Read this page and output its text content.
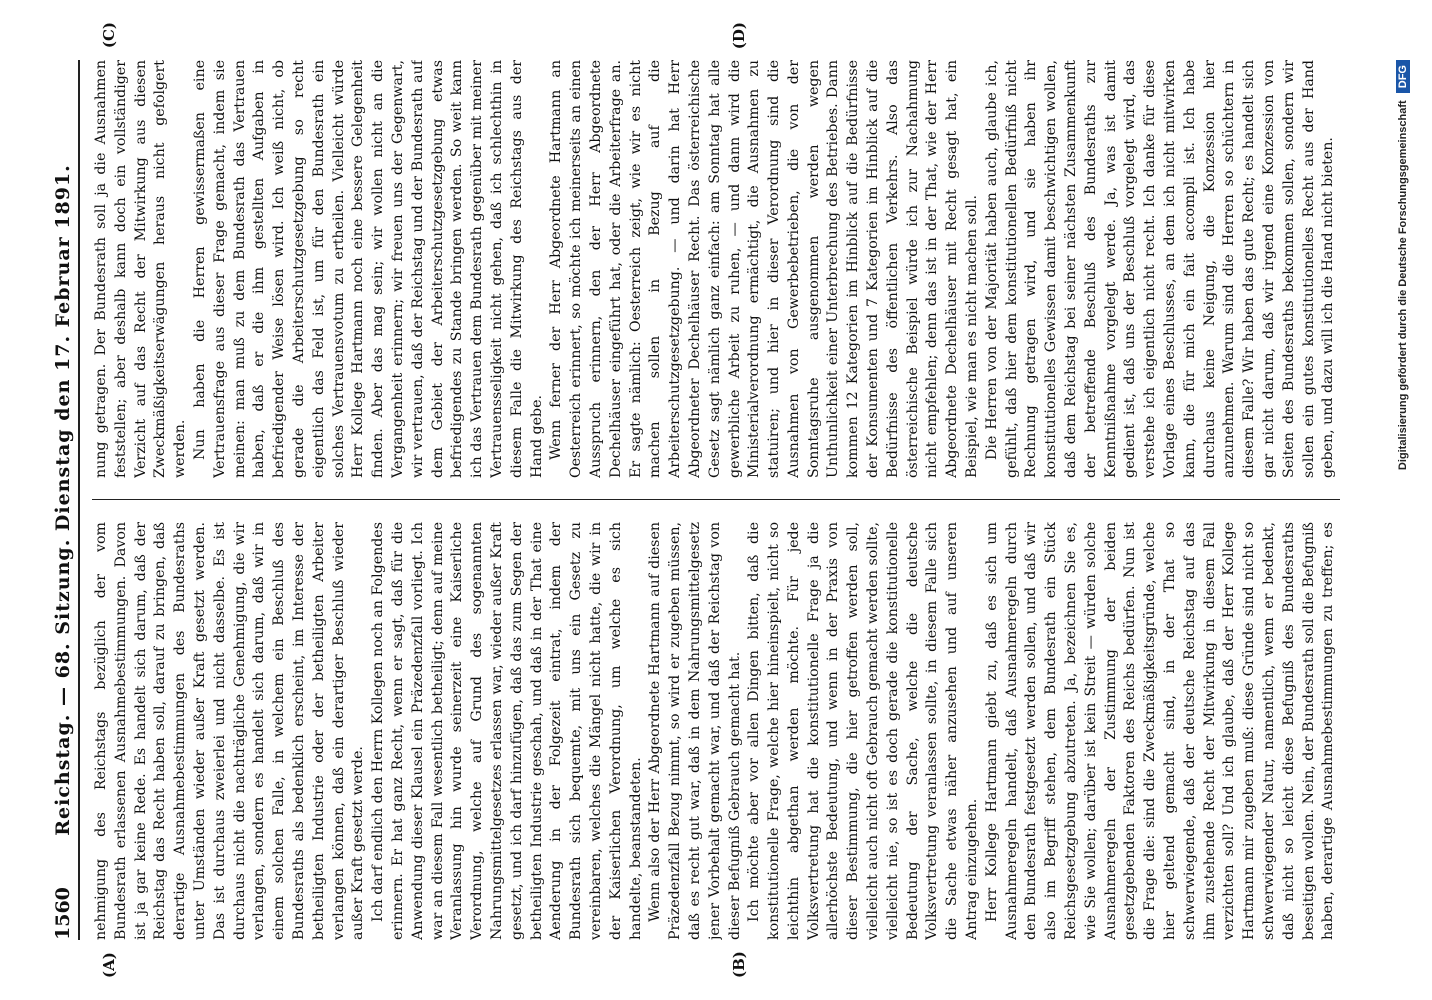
1560
Reichstag. — 68. Sitzung. Dienstag den 17. Februar 1891.
(A)	(B)
(C)	(D)

nehmigung des Reichstags bezüglich der vom Bundesrath erlassenen Ausnahmebestimmungen. Davon ist ja gar keine Rede. Es handelt sich darum, daß der Reichstag das Recht haben soll, darauf zu bringen, daß derartige Ausnahmebestimmungen des Bundesraths unter Umständen wieder außer Kraft gesetzt werden. Das ist durchaus zweierlei und nicht dasselbe. Es ist durchaus nicht die nachträgliche Genehmigung, die wir verlangen, sondern es handelt sich darum, daß wir in einem solchen Falle, in welchem ein Beschluß des Bundesraths als bedenklich erscheint, im Interesse der betheiligten Industrie oder der betheiligten Arbeiter verlangen können, daß ein derartiger Beschluß wieder außer Kraft gesetzt werde. Ich darf endlich den Herrn Kollegen noch an Folgendes erinnern. Er hat ganz Recht, wenn er sagt, daß für die Anwendung dieser Klausel ein Präzedenzfall vorliegt. Ich war an diesem Fall wesentlich betheiligt; denn auf meine Veranlassung hin wurde seinerzeit eine Kaiserliche Verordnung, welche auf Grund des sogenannten Nahrungsmittelgesetzes erlassen war, wieder außer Kraft gesetzt, und ich darf hinzufügen, daß das zum Segen der betheiligten Industrie geschah, und daß in der That eine Aenderung in der Folgezeit eintrat, indem der Bundesrath sich bequemte, mit uns ein Gesetz zu vereinbaren, welches die Mängel nicht hatte, die wir in der Kaiserlichen Verordnung, um welche es sich handelte, beanstandeten. Wenn also der Herr Abgeordnete Hartmann auf diesen Präzedenzfall Bezug nimmt, so wird er zugeben müssen, daß es recht gut war, daß in dem Nahrungsmittelgesetz jener Vorbehalt gemacht war, und daß der Reichstag von dieser Befugniß Gebrauch gemacht hat. Ich möchte aber vor allen Dingen bitten, daß die konstitutionelle Frage, welche hier hineinspielt, nicht so leichthin abgethan werden möchte. Für jede Volksvertretung hat die konstitutionelle Frage ja die allerhöchste Bedeutung, und wenn in der Praxis von dieser Bestimmung, die hier getroffen werden soll, vielleicht auch nicht oft Gebrauch gemacht werden sollte, vielleicht nie, so ist es doch gerade die konstitutionelle Bedeutung der Sache, welche die deutsche Volksvertretung veranlassen sollte, in diesem Falle sich die Sache etwas näher anzusehen und auf unseren Antrag einzugehen. Herr Kollege Hartmann giebt zu, daß es sich um Ausnahmeregeln handelt, daß Ausnahmeregeln durch den Bundesrath festgesetzt werden sollen, und daß wir also im Begriff stehen, dem Bundesrath ein Stück Reichsgesetzgebung abzutreten. Ja, bezeichnen Sie es, wie Sie wollen; darüber ist kein Streit — würden solche Ausnahmeregeln der Zustimmung der beiden gesetzgebenden Faktoren des Reichs bedürfen. Nun ist die Frage die: sind die Zweckmäßigkeitsgründe, welche hier geltend gemacht sind, in der That so schwerwiegende, daß der deutsche Reichstag auf das ihm zustehende Recht der Mitwirkung in diesem Fall verzichten soll? Und ich glaube, daß der Herr Kollege Hartmann mir zugeben muß: diese Gründe sind nicht so schwerwiegender Natur, namentlich, wenn er bedenkt, daß nicht so leicht diese Befugniß des Bundesraths beseitigen wollen. Nein, der Bundesrath soll die Befugniß haben, derartige Ausnahmebestimmungen zu treffen; es

nung getragen. Der Bundesrath soll ja die Ausnahmen feststellen; aber deshalb kann doch ein vollständiger Verzicht auf das Recht der Mitwirkung aus diesen Zweckmäßigkeitserwägungen heraus nicht gefolgert werden. Nun haben die Herren gewissermaßen eine Vertrauensfrage aus dieser Frage gemacht, indem sie meinen: man muß zu dem Bundesrath das Vertrauen haben, daß er die ihm gestellten Aufgaben in befriedigender Weise lösen wird. Ich weiß nicht, ob gerade die Arbeiterschutzgesetzgebung so recht eigentlich das Feld ist, um für den Bundesrath ein solches Vertrauensvotum zu ertheilen. Vielleicht würde Herr Kollege Hartmann noch eine bessere Gelegenheit finden. Aber das mag sein; wir wollen nicht an die Vergangenheit erinnern; wir freuen uns der Gegenwart, wir vertrauen, daß der Reichstag und der Bundesrath auf dem Gebiet der Arbeiterschutzgesetzgebung etwas befriedigendes zu Stande bringen werden. So weit kann ich das Vertrauen dem Bundesrath gegenüber mit meiner Vertrauensseligkeit nicht gehen, daß ich schlechthin in diesem Falle die Mitwirkung des Reichstags aus der Hand gebe. Wenn ferner der Herr Abgeordnete Hartmann an Oesterreich erinnert, so möchte ich meinerseits an einen Ausspruch erinnern, den der Herr Abgeordnete Dechelhäuser eingeführt hat, oder die Arbeiterfrage an. Er sagte nämlich: Oesterreich zeigt, wie wir es nicht machen sollen in Bezug auf die Arbeiterschutzgesetzgebung. — und darin hat Herr Abgeordneter Dechelhäuser Recht. Das österreichische Gesetz sagt nämlich ganz einfach: am Sonntag hat alle gewerbliche Arbeit zu ruhen, — und dann wird die Ministerialverordnung ermächtigt, die Ausnahmen zu statuiren; und hier in dieser Verordnung sind die Ausnahmen von Gewerbebetrieben, die von der Sonntagsruhe ausgenommen werden wegen Unthunlichkeit einer Unterbrechung des Betriebes. Dann kommen 12 Kategorien im Hinblick auf die Bedürfnisse der Konsumenten und 7 Kategorien im Hinblick auf die Bedürfnisse des öffentlichen Verkehrs. Also das österreichische Beispiel würde ich zur Nachahmung nicht empfehlen; denn das ist in der That, wie der Herr Abgeordnete Dechelhäuser mit Recht gesagt hat, ein Beispiel, wie man es nicht machen soll. Die Herren von der Majorität haben auch, glaube ich, gefühlt, daß hier dem konstitutionellen Bedürfniß nicht Rechnung getragen wird, und sie haben ihr konstitutionelles Gewissen damit beschwichtigen wollen, daß dem Reichstag bei seiner nächsten Zusammenkunft der betreffende Beschluß des Bundesraths zur Kenntnißnahme vorgelegt werde. Ja, was ist damit gedient ist, daß uns der Beschluß vorgelegt wird, das verstehe ich eigentlich nicht recht. Ich danke für diese Vorlage eines Beschlusses, an dem ich nicht mitwirken kann, die für mich ein fait accompli ist. Ich habe durchaus keine Neigung, die Konzession hier anzunehmen. Warum sind die Herren so schüchtern in diesem Falle? Wir haben das gute Recht; es handelt sich gar nicht darum, daß wir irgend eine Konzession von Seiten des Bundesraths bekommen sollen, sondern wir sollen ein gutes konstitutionelles Recht aus der Hand geben, und dazu will ich die Hand nicht bieten.	Digitalisierung gefördert durch die Deutsche Forschungsgemeinschaft DFG
